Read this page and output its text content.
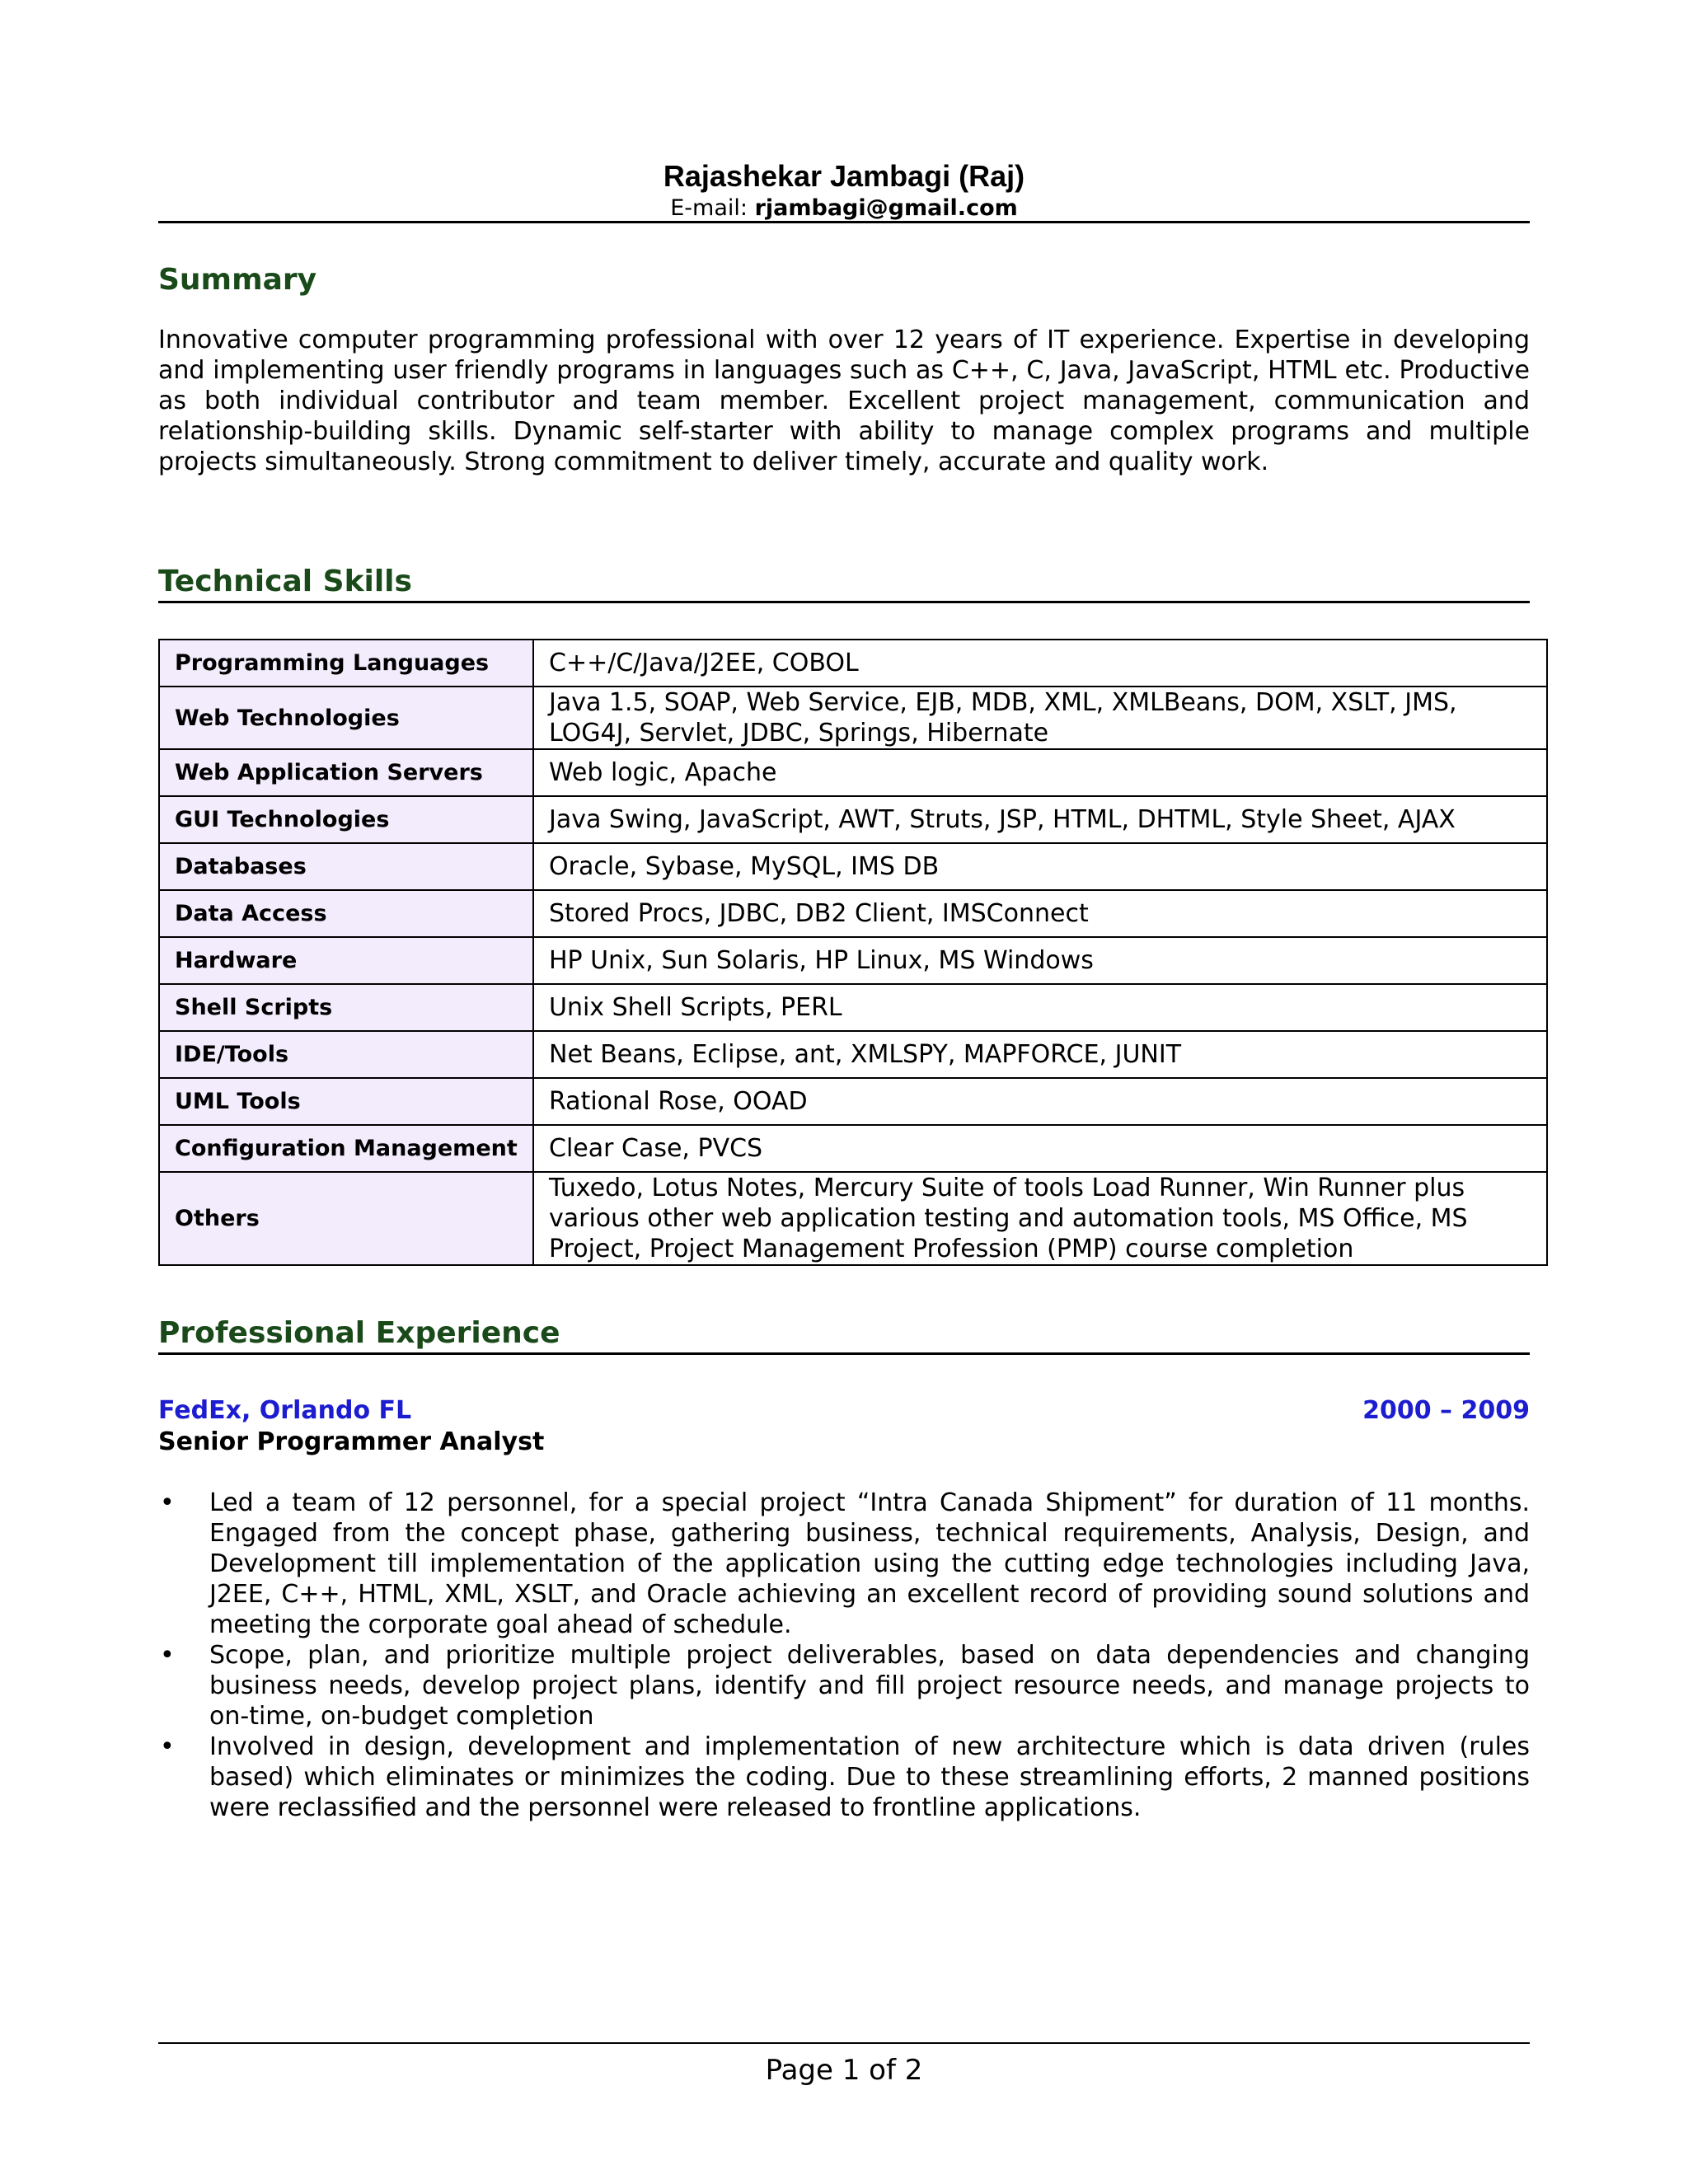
Rajashekar Jambagi (Raj)
E-mail: rjambagi@gmail.com
Summary
Innovative computer programming professional with over 12 years of IT experience. Expertise in developing and implementing user friendly programs in languages such as C++, C, Java, JavaScript, HTML etc. Productive as both individual contributor and team member. Excellent project management, communication and relationship-building skills. Dynamic self-starter with ability to manage complex programs and multiple projects simultaneously. Strong commitment to deliver timely, accurate and quality work.
Technical Skills
Programming Languages	C++/C/Java/J2EE, COBOL
Web Technologies	Java 1.5, SOAP, Web Service, EJB, MDB, XML, XMLBeans, DOM, XSLT, JMS, LOG4J, Servlet, JDBC, Springs, Hibernate
Web Application Servers	Web logic, Apache
GUI Technologies	Java Swing, JavaScript, AWT, Struts, JSP, HTML, DHTML, Style Sheet, AJAX
Databases	Oracle, Sybase, MySQL, IMS DB
Data Access	Stored Procs, JDBC, DB2 Client, IMSConnect
Hardware	HP Unix, Sun Solaris, HP Linux, MS Windows
Shell Scripts	Unix Shell Scripts, PERL
IDE/Tools	Net Beans, Eclipse, ant, XMLSPY, MAPFORCE, JUNIT
UML Tools	Rational Rose, OOAD
Configuration Management	Clear Case, PVCS
Others	Tuxedo, Lotus Notes, Mercury Suite of tools Load Runner, Win Runner plus various other web application testing and automation tools, MS Office, MS Project, Project Management Profession (PMP) course completion
Professional Experience
FedEx, Orlando FL	2000 – 2009
Senior Programmer Analyst
• Led a team of 12 personnel, for a special project “Intra Canada Shipment” for duration of 11 months. Engaged from the concept phase, gathering business, technical requirements, Analysis, Design, and Development till implementation of the application using the cutting edge technologies including Java, J2EE, C++, HTML, XML, XSLT, and Oracle achieving an excellent record of providing sound solutions and meeting the corporate goal ahead of schedule.
• Scope, plan, and prioritize multiple project deliverables, based on data dependencies and changing business needs, develop project plans, identify and fill project resource needs, and manage projects to on-time, on-budget completion
• Involved in design, development and implementation of new architecture which is data driven (rules based) which eliminates or minimizes the coding. Due to these streamlining efforts, 2 manned positions were reclassified and the personnel were released to frontline applications.
Page 1 of 2
